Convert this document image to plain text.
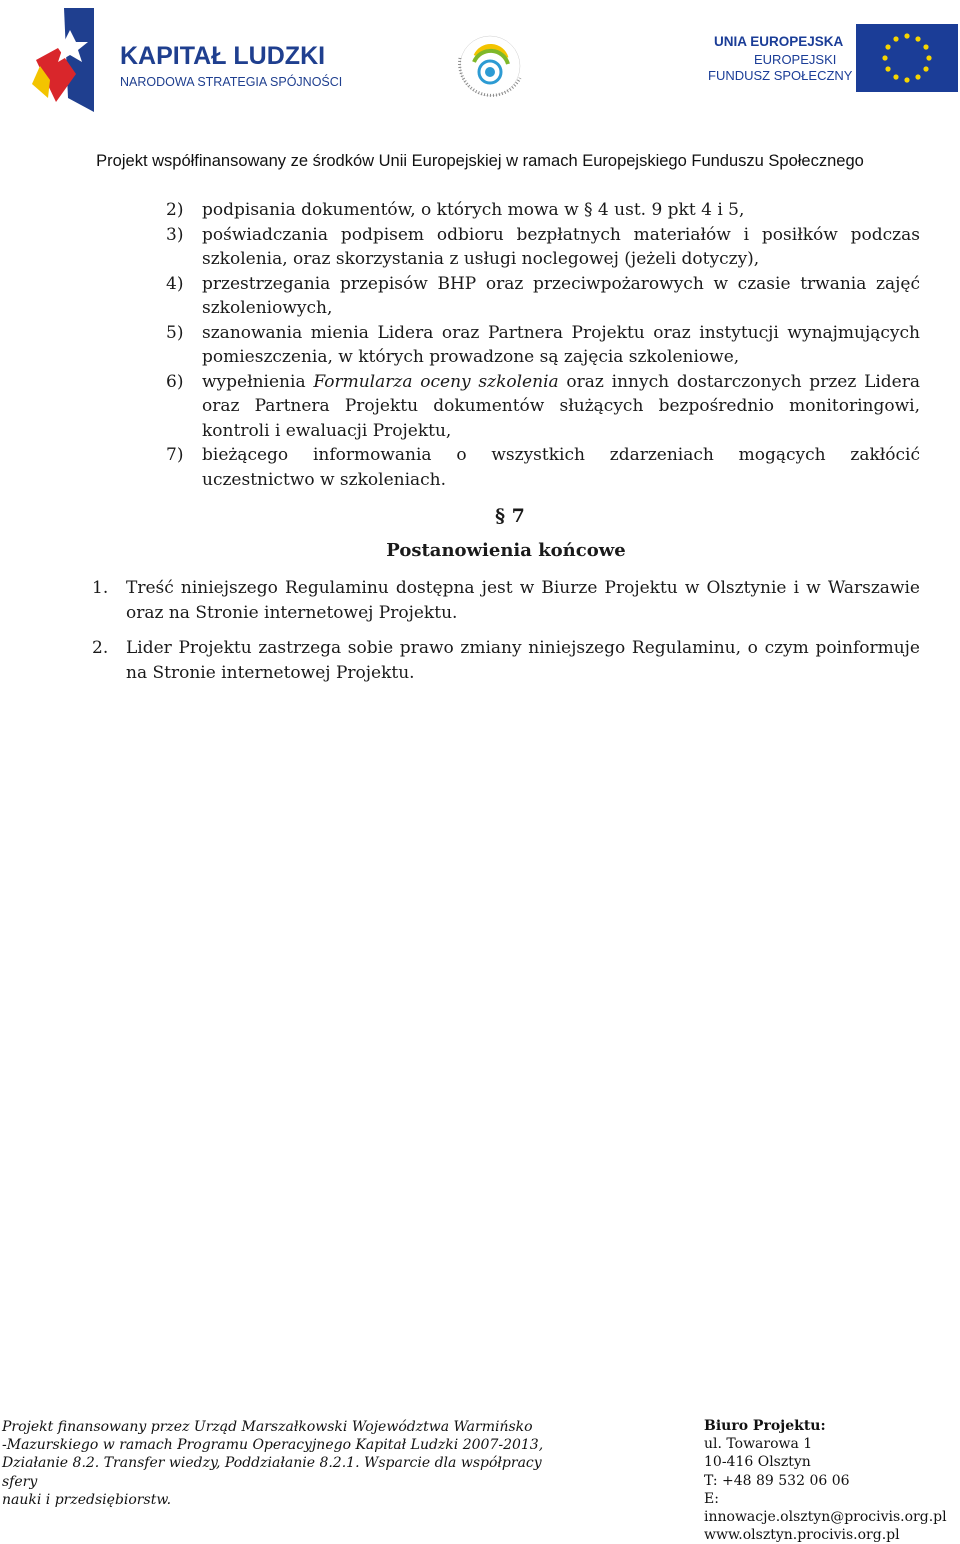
KAPITAŁ LUDZKI
NARODOWA STRATEGIA SPÓJNOŚCI
UNIA EUROPEJSKA
EUROPEJSKI
FUNDUSZ SPOŁECZNY
Projekt współfinansowany ze środków Unii Europejskiej w ramach Europejskiego Funduszu Społecznego
2)	podpisania dokumentów, o których mowa w § 4 ust. 9 pkt 4 i 5,
3)	poświadczania podpisem odbioru bezpłatnych materiałów i posiłków podczas szkolenia, oraz skorzystania z usługi noclegowej (jeżeli dotyczy),
4)	przestrzegania przepisów BHP oraz przeciwpożarowych w czasie trwania zajęć szkoleniowych,
5)	szanowania mienia Lidera oraz Partnera Projektu oraz instytucji wynajmujących pomieszczenia, w których prowadzone są zajęcia szkoleniowe,
6)	wypełnienia Formularza oceny szkolenia oraz innych dostarczonych przez Lidera oraz Partnera Projektu dokumentów służących bezpośrednio monitoringowi, kontroli i ewaluacji Projektu,
7)	bieżącego informowania o wszystkich zdarzeniach mogących zakłócić uczestnictwo w szkoleniach.
§ 7
Postanowienia końcowe
1. Treść niniejszego Regulaminu dostępna jest w Biurze Projektu w Olsztynie i w Warszawie oraz na Stronie internetowej Projektu.
2. Lider Projektu zastrzega sobie prawo zmiany niniejszego Regulaminu, o czym poinformuje na Stronie internetowej Projektu.
Projekt finansowany przez Urząd Marszałkowski Województwa Warmińsko
-Mazurskiego w ramach Programu Operacyjnego Kapitał Ludzki 2007-2013,
Działanie 8.2. Transfer wiedzy, Poddziałanie 8.2.1. Wsparcie dla współpracy sfery
nauki i przedsiębiorstw.
Biuro Projektu:
ul. Towarowa 1
10-416 Olsztyn
T: +48 89 532 06 06
E: innowacje.olsztyn@procivis.org.pl
www.olsztyn.procivis.org.pl
